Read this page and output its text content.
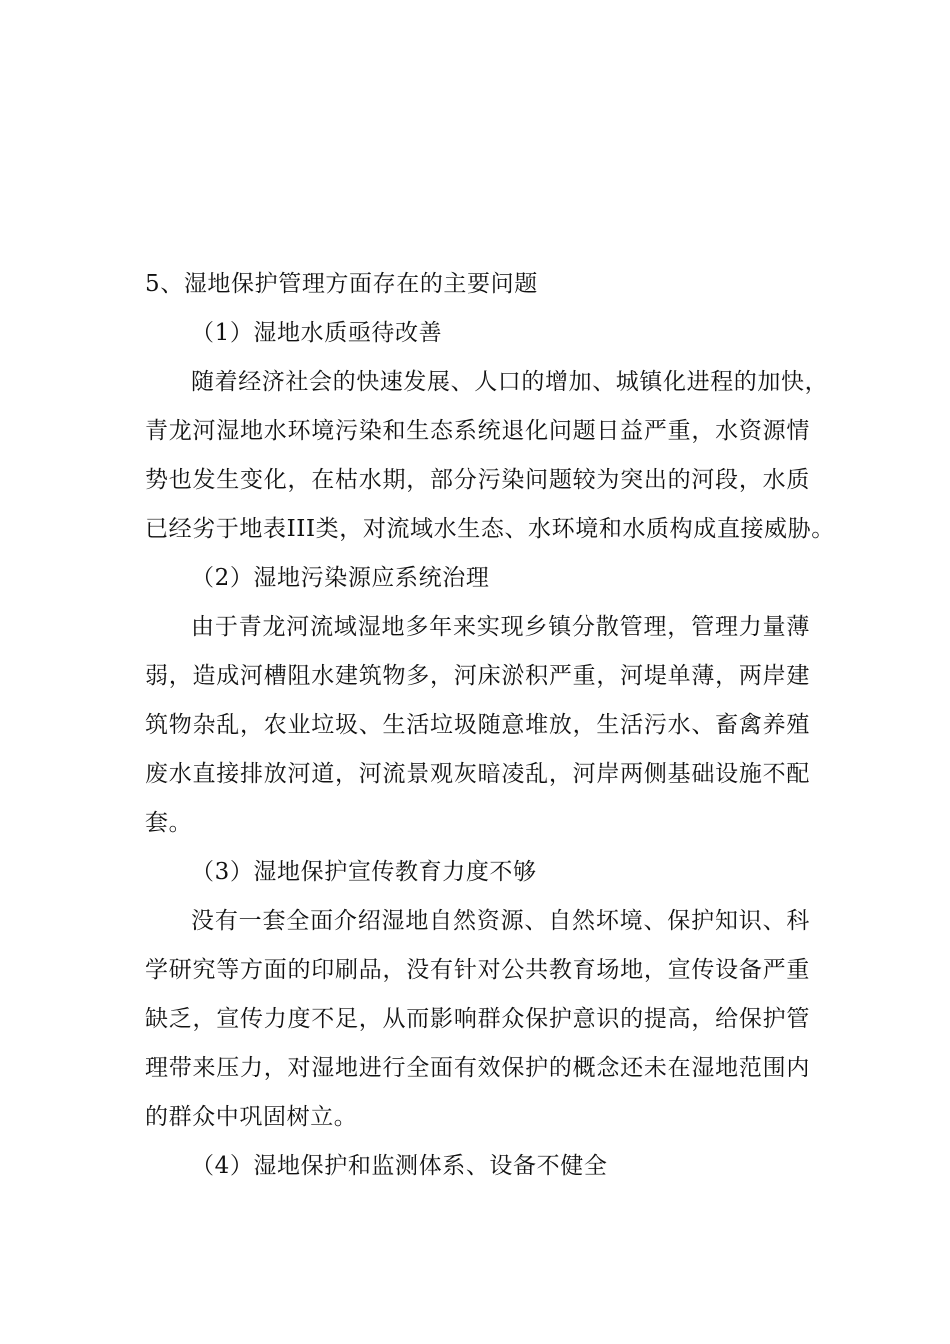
5、湿地保护管理方面存在的主要问题
（1）湿地水质亟待改善
随着经济社会的快速发展、人口的增加、城镇化进程的加快，
青龙河湿地水环境污染和生态系统退化问题日益严重，水资源情
势也发生变化，在枯水期，部分污染问题较为突出的河段，水质
已经劣于地表III类，对流域水生态、水环境和水质构成直接威胁。
（2）湿地污染源应系统治理
由于青龙河流域湿地多年来实现乡镇分散管理，管理力量薄
弱，造成河槽阻水建筑物多，河床淤积严重，河堤单薄，两岸建
筑物杂乱，农业垃圾、生活垃圾随意堆放，生活污水、畜禽养殖
废水直接排放河道，河流景观灰暗凌乱，河岸两侧基础设施不配
套。
（3）湿地保护宣传教育力度不够
没有一套全面介绍湿地自然资源、自然坏境、保护知识、科
学研究等方面的印刷品，没有针对公共教育场地，宣传设备严重
缺乏，宣传力度不足，从而影响群众保护意识的提高，给保护管
理带来压力，对湿地进行全面有效保护的概念还未在湿地范围内
的群众中巩固树立。
（4）湿地保护和监测体系、设备不健全
